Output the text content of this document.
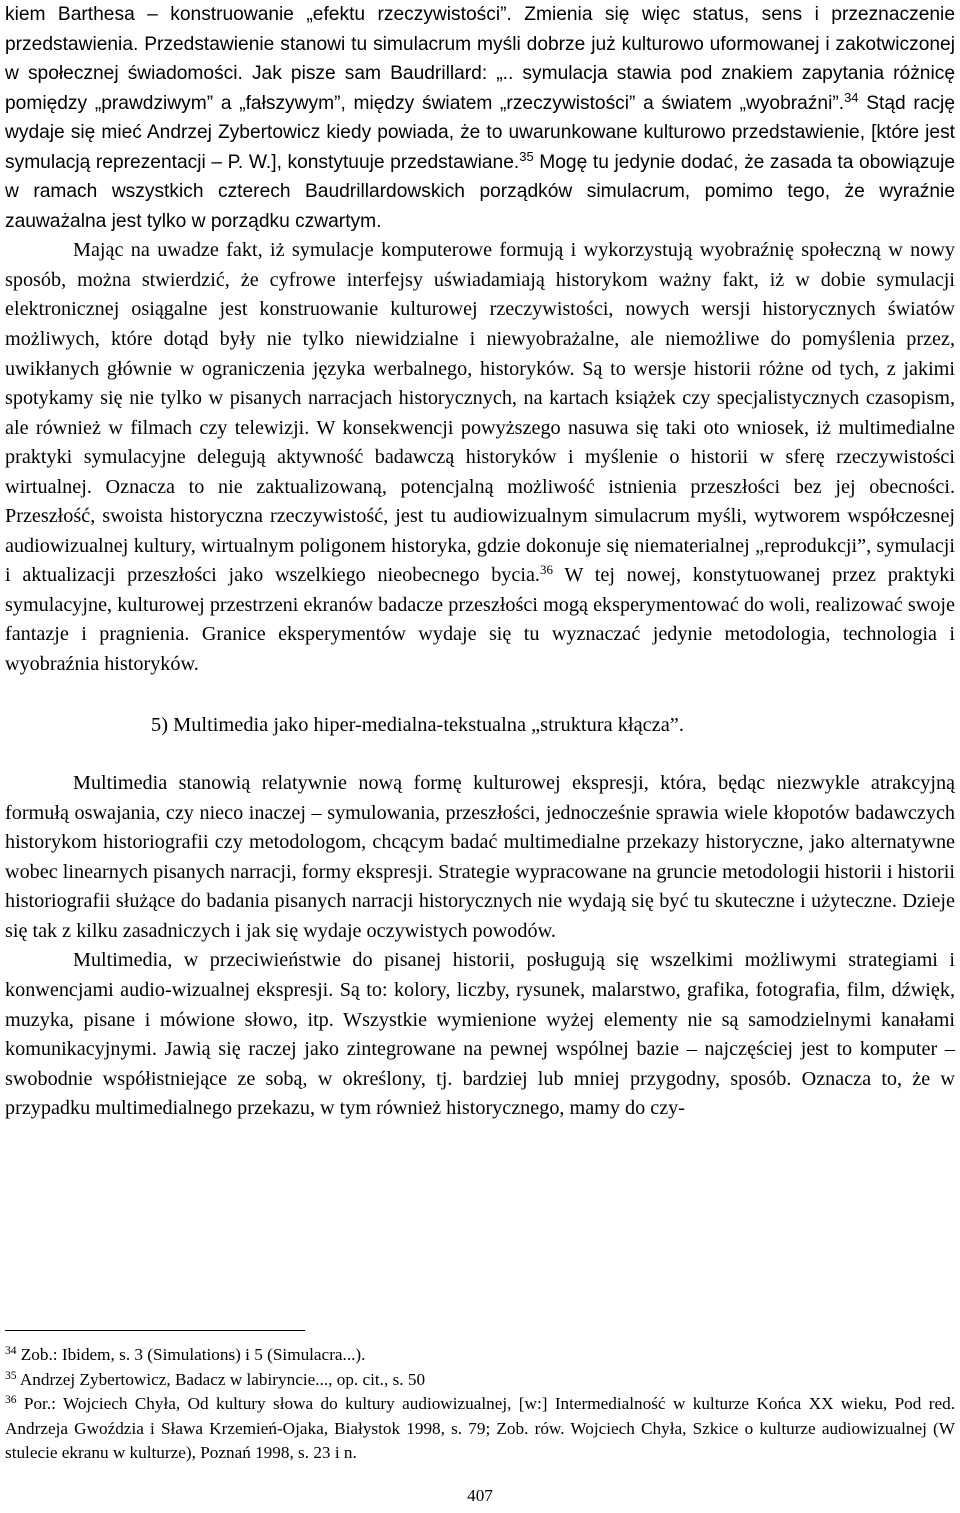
kiem Barthesa – konstruowanie „efektu rzeczywistości”. Zmienia się więc status, sens i przeznaczenie przedstawienia. Przedstawienie stanowi tu simulacrum myśli dobrze już kulturowo uformowanej i zakotwiczonej w społecznej świadomości. Jak pisze sam Baudrillard: „.. symulacja stawia pod znakiem zapytania różnicę pomiędzy „prawdziwym” a „fałszywym”, między światem „rzeczywistości” a światem „wyobraźni”.$^{34}$ Stąd rację wydaje się mieć Andrzej Zybertowicz kiedy powiada, że to uwarunkowane kulturowo przedstawienie, [które jest symulacją reprezentacji – P. W.], konstytuuje przedstawiane.$^{35}$ Mogę tu jedynie dodać, że zasada ta obowiązuje w ramach wszystkich czterech Baudrillardowskich porządków simulacrum, pomimo tego, że wyraźnie zauważalna jest tylko w porządku czwartym.

Mając na uwadze fakt, iż symulacje komputerowe formują i wykorzystują wyobraźnię społeczną w nowy sposób, można stwierdzić, że cyfrowe interfejsy uświadamiają historykom ważny fakt, iż w dobie symulacji elektronicznej osiągalne jest konstruowanie kulturowej rzeczywistości, nowych wersji historycznych światów możliwych, które dotąd były nie tylko niewidzialne i niewyobrażalne, ale niemożliwe do pomyślenia przez, uwikłanych głównie w ograniczenia języka werbalnego, historyków. Są to wersje historii różne od tych, z jakimi spotykamy się nie tylko w pisanych narracjach historycznych, na kartach książek czy specjalistycznych czasopism, ale również w filmach czy telewizji. W konsekwencji powyższego nasuwa się taki oto wniosek, iż multimedialne praktyki symulacyjne delegują aktywność badawczą historyków i myślenie o historii w sferę rzeczywistości wirtualnej. Oznacza to nie zaktualizowaną, potencjalną możliwość istnienia przeszłości bez jej obecności. Przeszłość, swoista historyczna rzeczywistość, jest tu audiowizualnym simulacrum myśli, wytworem współczesnej audiowizualnej kultury, wirtualnym poligonem historyka, gdzie dokonuje się niematerialnej „reprodukcji”, symulacji i aktualizacji przeszłości jako wszelkiego nieobecnego bycia.$^{36}$ W tej nowej, konstytuowanej przez praktyki symulacyjne, kulturowej przestrzeni ekranów badacze przeszłości mogą eksperymentować do woli, realizować swoje fantazje i pragnienia. Granice eksperymentów wydaje się tu wyznaczać jedynie metodologia, technologia i wyobraźnia historyków.

5) Multimedia jako hiper-medialna-tekstualna „struktura kłącza”.

Multimedia stanowią relatywnie nową formę kulturowej ekspresji, która, będąc niezwykle atrakcyjną formułą oswajania, czy nieco inaczej – symulowania, przeszłości, jednocześnie sprawia wiele kłopotów badawczych historykom historiografii czy metodologom, chcącym badać multimedialne przekazy historyczne, jako alternatywne wobec linearnych pisanych narracji, formy ekspresji. Strategie wypracowane na gruncie metodologii historii i historii historiografii służące do badania pisanych narracji historycznych nie wydają się być tu skuteczne i użyteczne. Dzieje się tak z kilku zasadniczych i jak się wydaje oczywistych powodów.

Multimedia, w przeciwieństwie do pisanej historii, posługują się wszelkimi możliwymi strategiami i konwencjami audio-wizualnej ekspresji. Są to: kolory, liczby, rysunek, malarstwo, grafika, fotografia, film, dźwięk, muzyka, pisane i mówione słowo, itp. Wszystkie wymienione wyżej elementy nie są samodzielnymi kanałami komunikacyjnymi. Jawią się raczej jako zintegrowane na pewnej wspólnej bazie – najczęściej jest to komputer – swobodnie współistniejące ze sobą, w określony, tj. bardziej lub mniej przygodny, sposób. Oznacza to, że w przypadku multimedialnego przekazu, w tym również historycznego, mamy do czy-

$^{34}$ Zob.: Ibidem, s. 3 (Simulations) i 5 (Simulacra...).

$^{35}$ Andrzej Zybertowicz, Badacz w labiryncie..., op. cit., s. 50

$^{36}$ Por.: Wojciech Chyła, Od kultury słowa do kultury audiowizualnej, [w:] Intermedialność w kulturze Końca XX wieku, Pod red. Andrzeja Gwoździa i Sława Krzemień-Ojaka, Białystok 1998, s. 79; Zob. rów. Wojciech Chyła, Szkice o kulturze audiowizualnej (W stulecie ekranu w kulturze), Poznań 1998, s. 23 i n.

407
